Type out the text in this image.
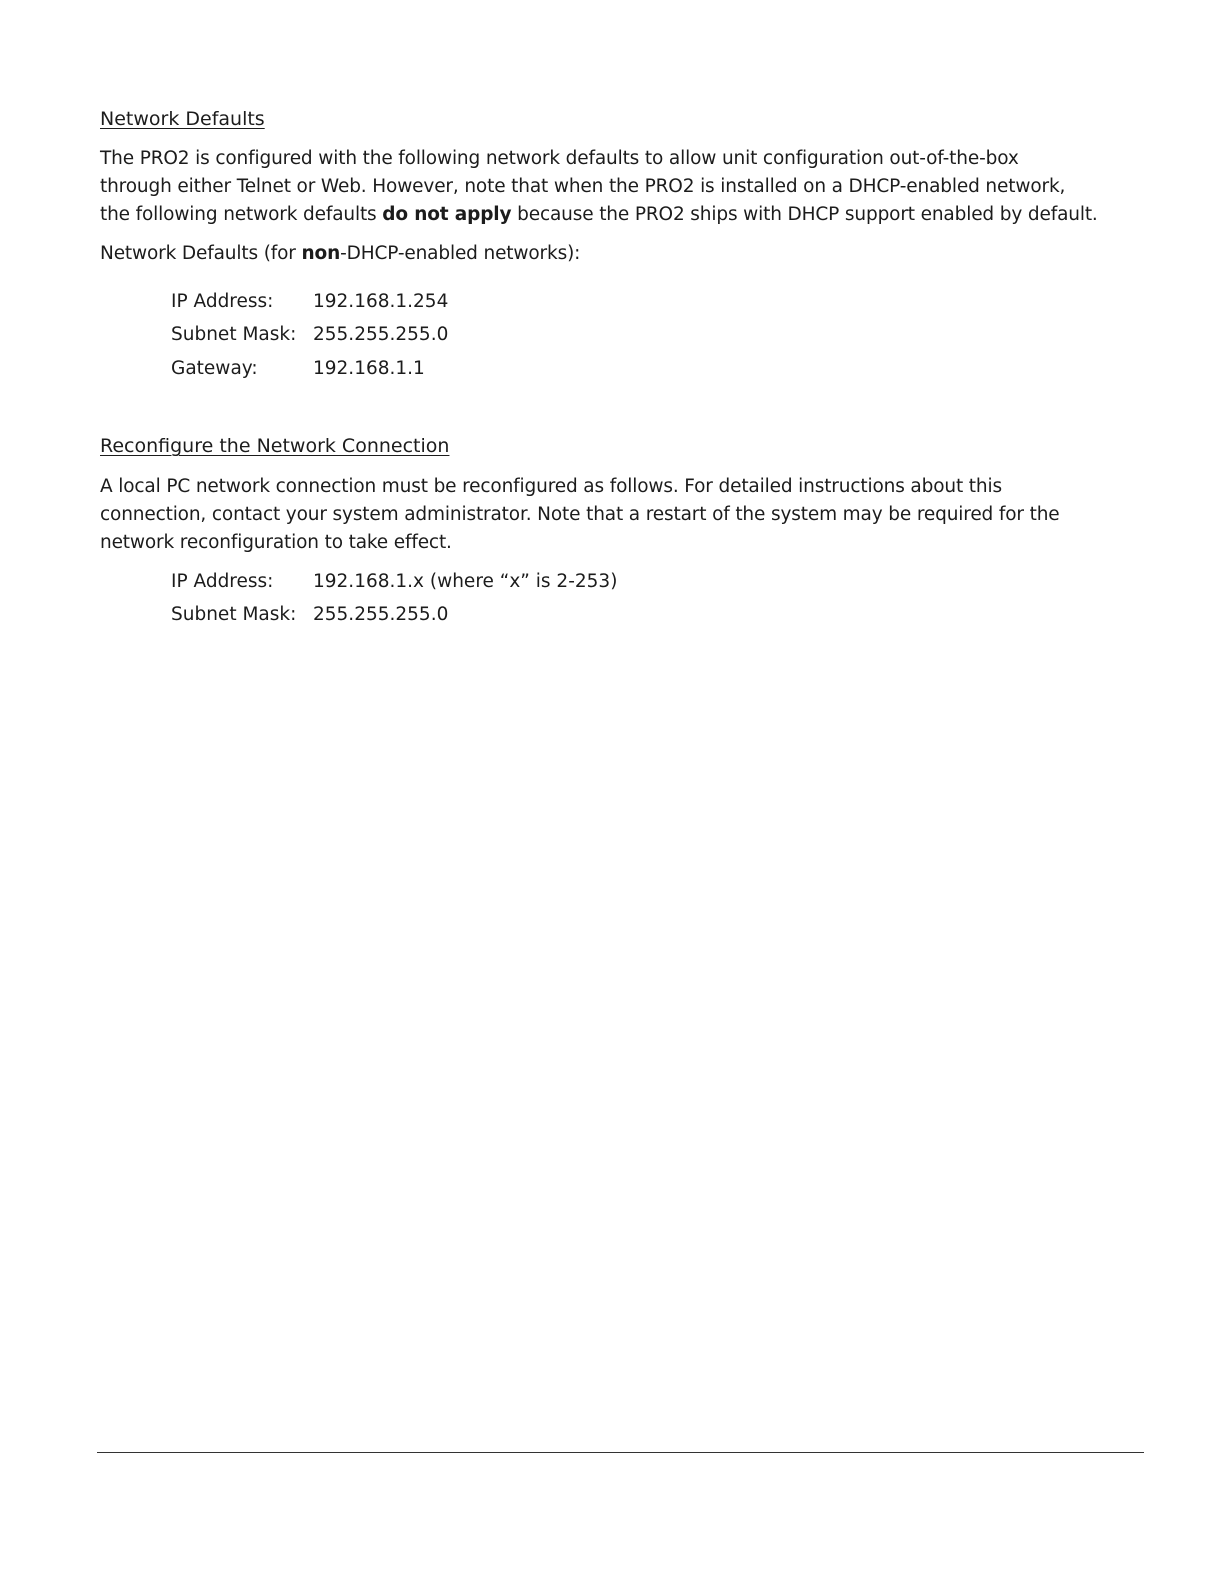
Network Defaults
The PRO2 is configured with the following network defaults to allow unit configuration out-of-the-box
through either Telnet or Web. However, note that when the PRO2 is installed on a DHCP-enabled network,
the following network defaults do not apply because the PRO2 ships with DHCP support enabled by default.
Network Defaults (for non-DHCP-enabled networks):
IP Address: 192.168.1.254
Subnet Mask: 255.255.255.0
Gateway:	192.168.1.1
Reconfigure the Network Connection
A local PC network connection must be reconfigured as follows. For detailed instructions about this
connection, contact your system administrator. Note that a restart of the system may be required for the
network reconfiguration to take effect.
IP Address: 192.168.1.x (where “x” is 2-253)
Subnet Mask: 255.255.255.0
